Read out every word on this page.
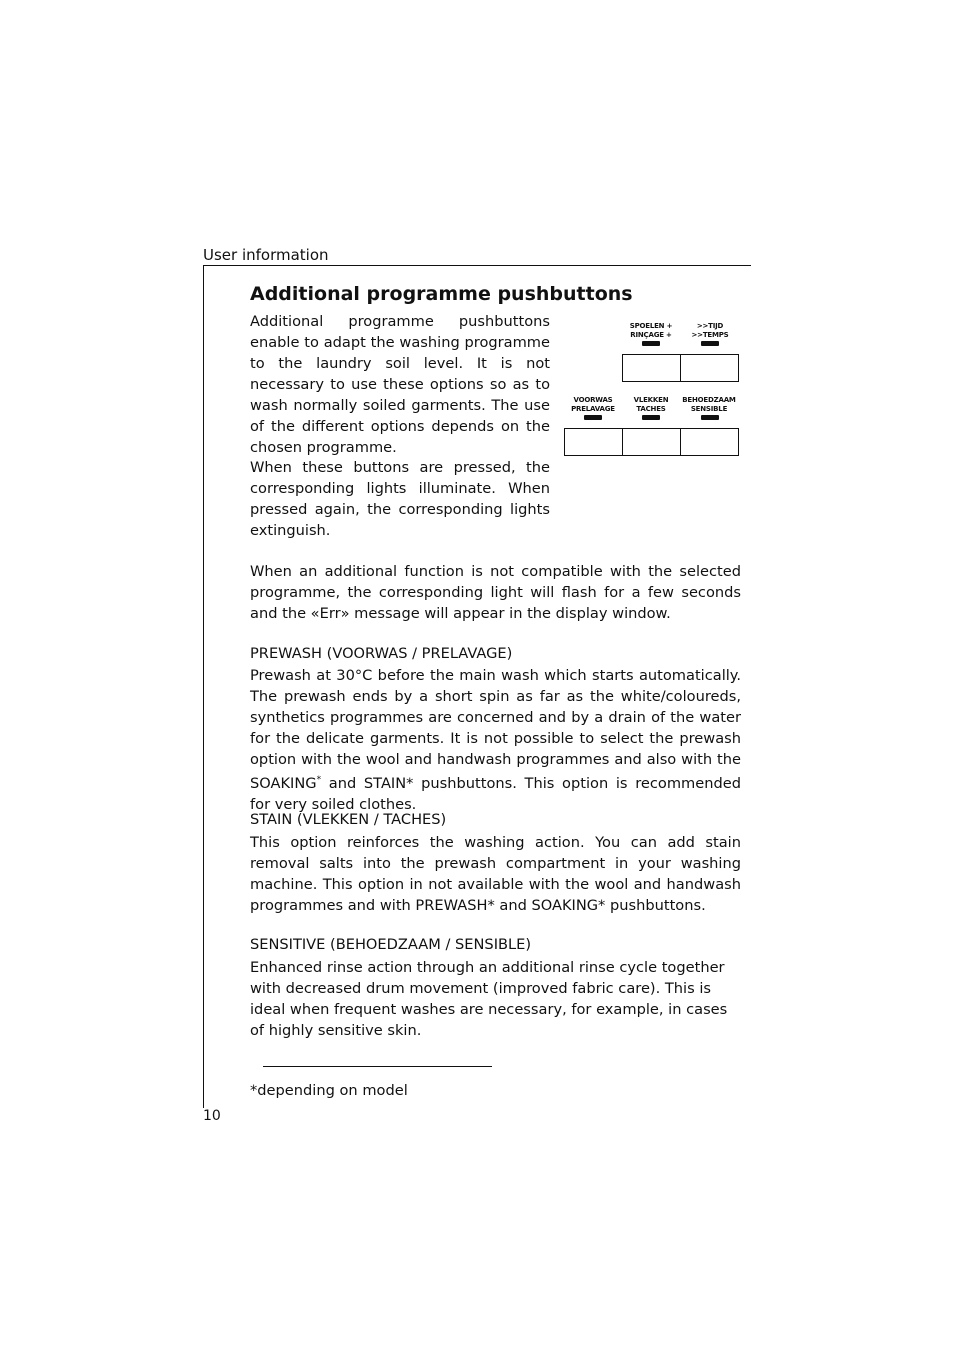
User information
Additional programme pushbuttons

Additional programme pushbuttons enable to adapt the washing programme to the laundry soil level. It is not necessary to use these options so as to wash normally soiled garments. The use of the different options depends on the chosen programme.

When these buttons are pressed, the corresponding lights illuminate. When pressed again, the corresponding lights extinguish.

SPOELEN +
RINÇAGE +
>>TIJD
>>TEMPS
VOORWAS
PRELAVAGE
VLEKKEN
TACHES
BEHOEDZAAM
SENSIBLE

When an additional function is not compatible with the selected programme, the corresponding light will flash for a few seconds and the «Err» message will appear in the display window.

PREWASH (VOORWAS / PRELAVAGE)

Prewash at 30°C before the main wash which starts automatically. The prewash ends by a short spin as far as the white/coloureds, synthetics programmes are concerned and by a drain of the water for the delicate garments. It is not possible to select the prewash option with the wool and handwash programmes and also with the SOAKING* and STAIN* pushbuttons. This option is recommended for very soiled clothes.

STAIN (VLEKKEN / TACHES)

This option reinforces the washing action. You can add stain removal salts into the prewash compartment in your washing machine. This option in not available with the wool and handwash programmes and with PREWASH* and SOAKING* pushbuttons.

SENSITIVE (BEHOEDZAAM / SENSIBLE)

Enhanced rinse action through an additional rinse cycle together with decreased drum movement (improved fabric care). This is ideal when frequent washes are necessary, for example, in cases of highly sensitive skin.

*depending on model
10
